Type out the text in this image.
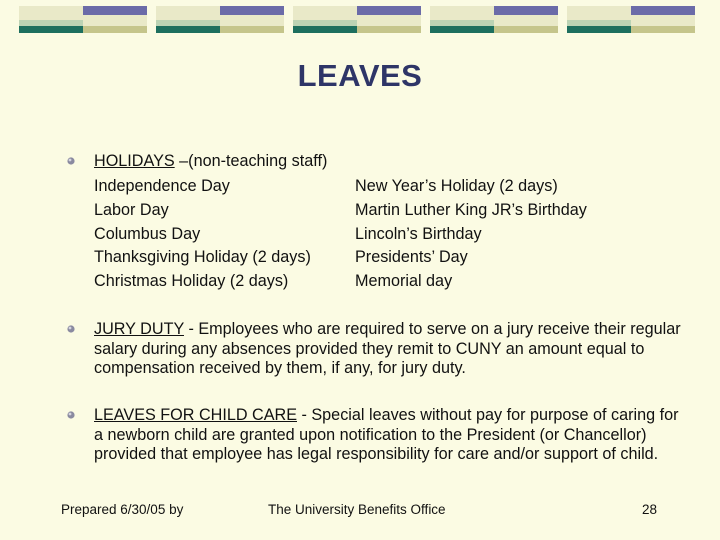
LEAVES
HOLIDAYS –(non-teaching staff)
Independence Day
Labor Day
Columbus Day
Thanksgiving Holiday (2 days)
Christmas Holiday (2 days)
New Year’s Holiday (2 days)
Martin Luther King JR’s Birthday
Lincoln’s Birthday
Presidents’ Day
Memorial day
JURY DUTY - Employees who are required to serve on a jury receive their regular salary during any absences provided they remit to CUNY an amount equal to compensation received by them, if any, for jury duty.
LEAVES FOR CHILD CARE - Special leaves without pay for purpose of caring for a newborn child are granted upon notification to the President (or Chancellor) provided that employee has legal responsibility for care and/or support of child.
Prepared 6/30/05 by	The University Benefits Office	28
